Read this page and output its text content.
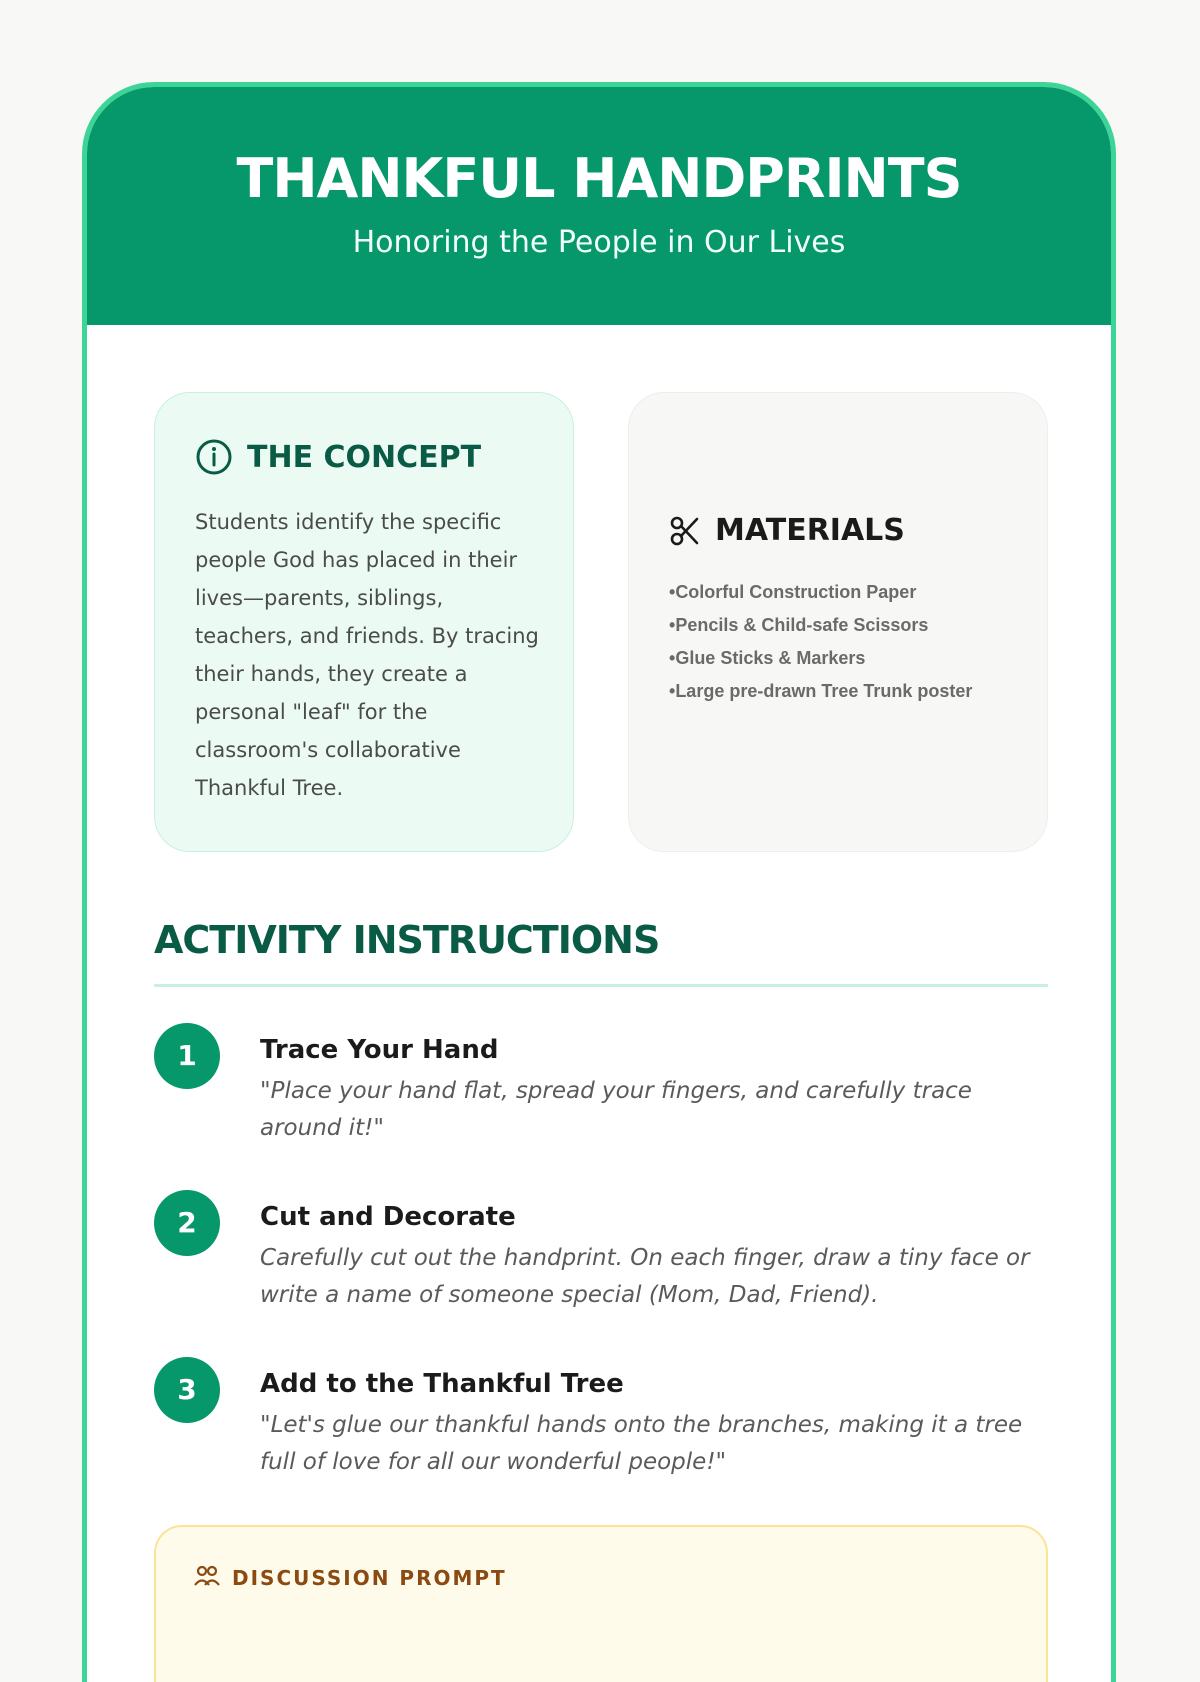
THANKFUL HANDPRINTS
Honoring the People in Our Lives
THE CONCEPT
Students identify the specific people God has placed in their lives—parents, siblings, teachers, and friends. By tracing their hands, they create a personal "leaf" for the classroom's collaborative Thankful Tree.
MATERIALS
• Colorful Construction Paper
• Pencils & Child-safe Scissors
• Glue Sticks & Markers
• Large pre-drawn Tree Trunk poster
ACTIVITY INSTRUCTIONS
1	Trace Your Hand
"Place your hand flat, spread your fingers, and carefully trace around it!"
2	Cut and Decorate
Carefully cut out the handprint. On each finger, draw a tiny face or write a name of someone special (Mom, Dad, Friend).
3	Add to the Thankful Tree
"Let's glue our thankful hands onto the branches, making it a tree full of love for all our wonderful people!"
DISCUSSION PROMPT
